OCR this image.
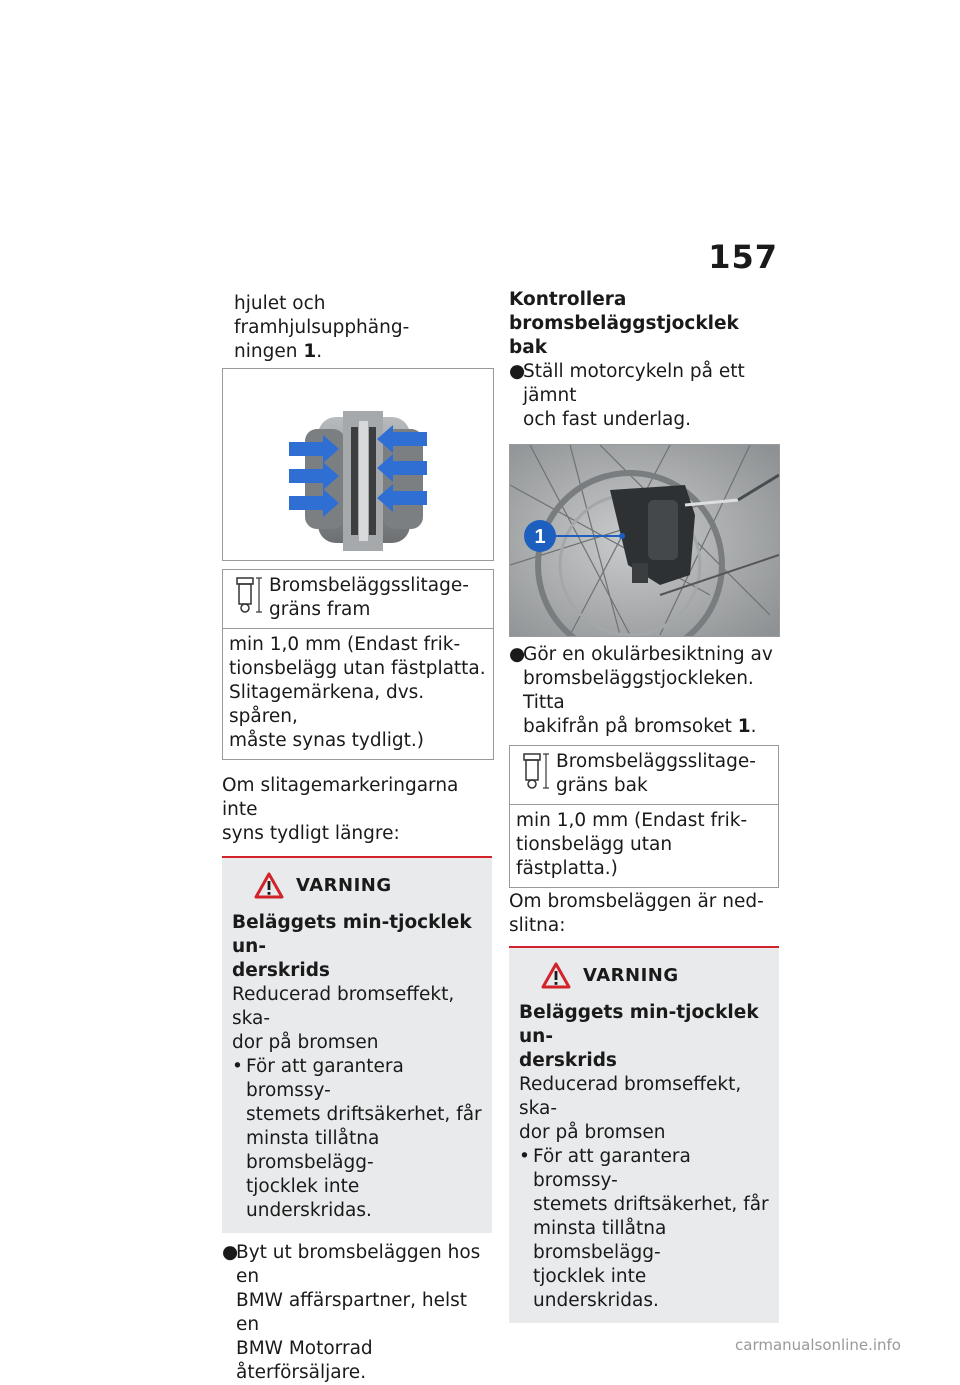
157
hjulet och framhjulsupphäng-
ningen 1.
Bromsbeläggsslitage-
gräns fram
min 1,0 mm (Endast frik-
tionsbelägg utan fästplatta.
Slitagemärkena, dvs. spåren,
måste synas tydligt.)
Om slitagemarkeringarna inte
syns tydligt längre:
VARNING
Beläggets min-tjocklek un-
derskrids
Reducerad bromseffekt, ska-
dor på bromsen
• För att garantera bromssy-
stemets driftsäkerhet, får
minsta tillåtna bromsbelägg-
tjocklek inte underskridas.
●
Byt ut bromsbeläggen hos en
BMW affärspartner, helst en
BMW Motorrad återförsäljare.
Kontrollera
bromsbeläggstjocklek bak
●
Ställ motorcykeln på ett jämnt
och fast underlag.
1
●
Gör en okulärbesiktning av
bromsbeläggstjockleken. Titta
bakifrån på bromsoket 1.
Bromsbeläggsslitage-
gräns bak
min 1,0 mm (Endast frik-
tionsbelägg utan fästplatta.)
Om bromsbeläggen är ned-
slitna:
VARNING
Beläggets min-tjocklek un-
derskrids
Reducerad bromseffekt, ska-
dor på bromsen
• För att garantera bromssy-
stemets driftsäkerhet, får
minsta tillåtna bromsbelägg-
tjocklek inte underskridas.
carmanualsonline.info
